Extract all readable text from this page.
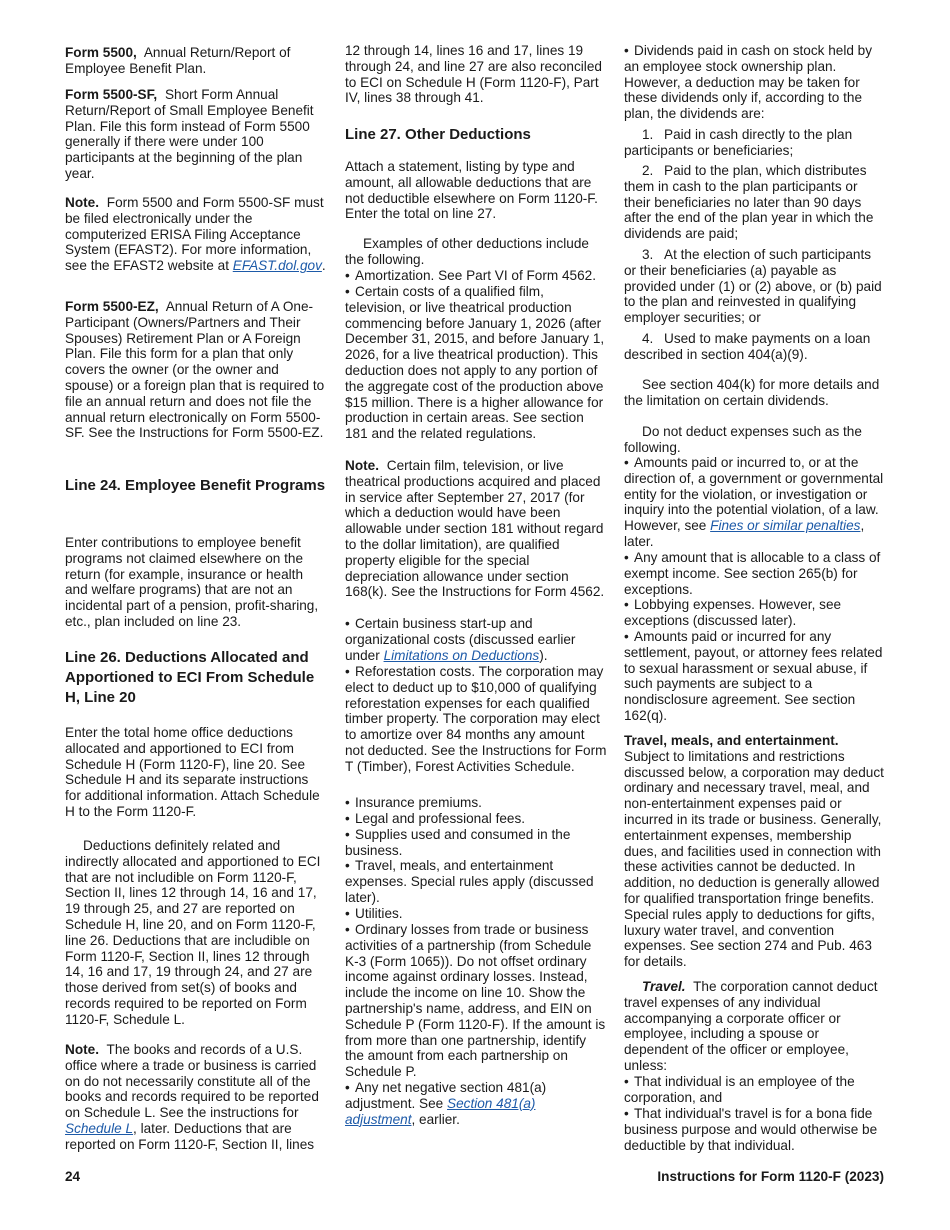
Form 5500, Annual Return/Report of Employee Benefit Plan.

Form 5500-SF, Short Form Annual Return/Report of Small Employee Benefit Plan. File this form instead of Form 5500 generally if there were under 100 participants at the beginning of the plan year.

Note. Form 5500 and Form 5500-SF must be filed electronically under the computerized ERISA Filing Acceptance System (EFAST2). For more information, see the EFAST2 website at EFAST.dol.gov.

Form 5500-EZ, Annual Return of A One-Participant (Owners/Partners and Their Spouses) Retirement Plan or A Foreign Plan. File this form for a plan that only covers the owner (or the owner and spouse) or a foreign plan that is required to file an annual return and does not file the annual return electronically on Form 5500-SF. See the Instructions for Form 5500-EZ.

Line 24. Employee Benefit Programs

Enter contributions to employee benefit programs not claimed elsewhere on the return (for example, insurance or health and welfare programs) that are not an incidental part of a pension, profit-sharing, etc., plan included on line 23.

Line 26. Deductions Allocated and Apportioned to ECI From Schedule H, Line 20

Enter the total home office deductions allocated and apportioned to ECI from Schedule H (Form 1120-F), line 20. See Schedule H and its separate instructions for additional information. Attach Schedule H to the Form 1120-F.

Deductions definitely related and indirectly allocated and apportioned to ECI that are not includible on Form 1120-F, Section II, lines 12 through 14, 16 and 17, 19 through 25, and 27 are reported on Schedule H, line 20, and on Form 1120-F, line 26. Deductions that are includible on Form 1120-F, Section II, lines 12 through 14, 16 and 17, 19 through 24, and 27 are those derived from set(s) of books and records required to be reported on Form 1120-F, Schedule L.

Note. The books and records of a U.S. office where a trade or business is carried on do not necessarily constitute all of the books and records required to be reported on Schedule L. See the instructions for Schedule L, later. Deductions that are reported on Form 1120-F, Section II, lines

12 through 14, lines 16 and 17, lines 19 through 24, and line 27 are also reconciled to ECI on Schedule H (Form 1120-F), Part IV, lines 38 through 41.

Line 27. Other Deductions

Attach a statement, listing by type and amount, all allowable deductions that are not deductible elsewhere on Form 1120-F. Enter the total on line 27.

Examples of other deductions include the following.

• Amortization. See Part VI of Form 4562.

• Certain costs of a qualified film, television, or live theatrical production commencing before January 1, 2026 (after December 31, 2015, and before January 1, 2026, for a live theatrical production). This deduction does not apply to any portion of the aggregate cost of the production above $15 million. There is a higher allowance for production in certain areas. See section 181 and the related regulations.

Note. Certain film, television, or live theatrical productions acquired and placed in service after September 27, 2017 (for which a deduction would have been allowable under section 181 without regard to the dollar limitation), are qualified property eligible for the special depreciation allowance under section 168(k). See the Instructions for Form 4562.

• Certain business start-up and organizational costs (discussed earlier under Limitations on Deductions).

• Reforestation costs. The corporation may elect to deduct up to $10,000 of qualifying reforestation expenses for each qualified timber property. The corporation may elect to amortize over 84 months any amount not deducted. See the Instructions for Form T (Timber), Forest Activities Schedule.

• Insurance premiums.

• Legal and professional fees.

• Supplies used and consumed in the business.

• Travel, meals, and entertainment expenses. Special rules apply (discussed later).

• Utilities.

• Ordinary losses from trade or business activities of a partnership (from Schedule K-3 (Form 1065)). Do not offset ordinary income against ordinary losses. Instead, include the income on line 10. Show the partnership's name, address, and EIN on Schedule P (Form 1120-F). If the amount is from more than one partnership, identify the amount from each partnership on Schedule P.

• Any net negative section 481(a) adjustment. See Section 481(a) adjustment, earlier.

• Dividends paid in cash on stock held by an employee stock ownership plan. However, a deduction may be taken for these dividends only if, according to the plan, the dividends are:

1. Paid in cash directly to the plan participants or beneficiaries;

2. Paid to the plan, which distributes them in cash to the plan participants or their beneficiaries no later than 90 days after the end of the plan year in which the dividends are paid;

3. At the election of such participants or their beneficiaries (a) payable as provided under (1) or (2) above, or (b) paid to the plan and reinvested in qualifying employer securities; or

4. Used to make payments on a loan described in section 404(a)(9).

See section 404(k) for more details and the limitation on certain dividends.

Do not deduct expenses such as the following.

• Amounts paid or incurred to, or at the direction of, a government or governmental entity for the violation, or investigation or inquiry into the potential violation, of a law. However, see Fines or similar penalties, later.

• Any amount that is allocable to a class of exempt income. See section 265(b) for exceptions.

• Lobbying expenses. However, see exceptions (discussed later).

• Amounts paid or incurred for any settlement, payout, or attorney fees related to sexual harassment or sexual abuse, if such payments are subject to a nondisclosure agreement. See section 162(q).

Travel, meals, and entertainment.
Subject to limitations and restrictions discussed below, a corporation may deduct ordinary and necessary travel, meal, and non-entertainment expenses paid or incurred in its trade or business. Generally, entertainment expenses, membership dues, and facilities used in connection with these activities cannot be deducted. In addition, no deduction is generally allowed for qualified transportation fringe benefits. Special rules apply to deductions for gifts, luxury water travel, and convention expenses. See section 274 and Pub. 463 for details.

Travel. The corporation cannot deduct travel expenses of any individual accompanying a corporate officer or employee, including a spouse or dependent of the officer or employee, unless:

• That individual is an employee of the corporation, and

• That individual's travel is for a bona fide business purpose and would otherwise be deductible by that individual.

24	Instructions for Form 1120-F (2023)
